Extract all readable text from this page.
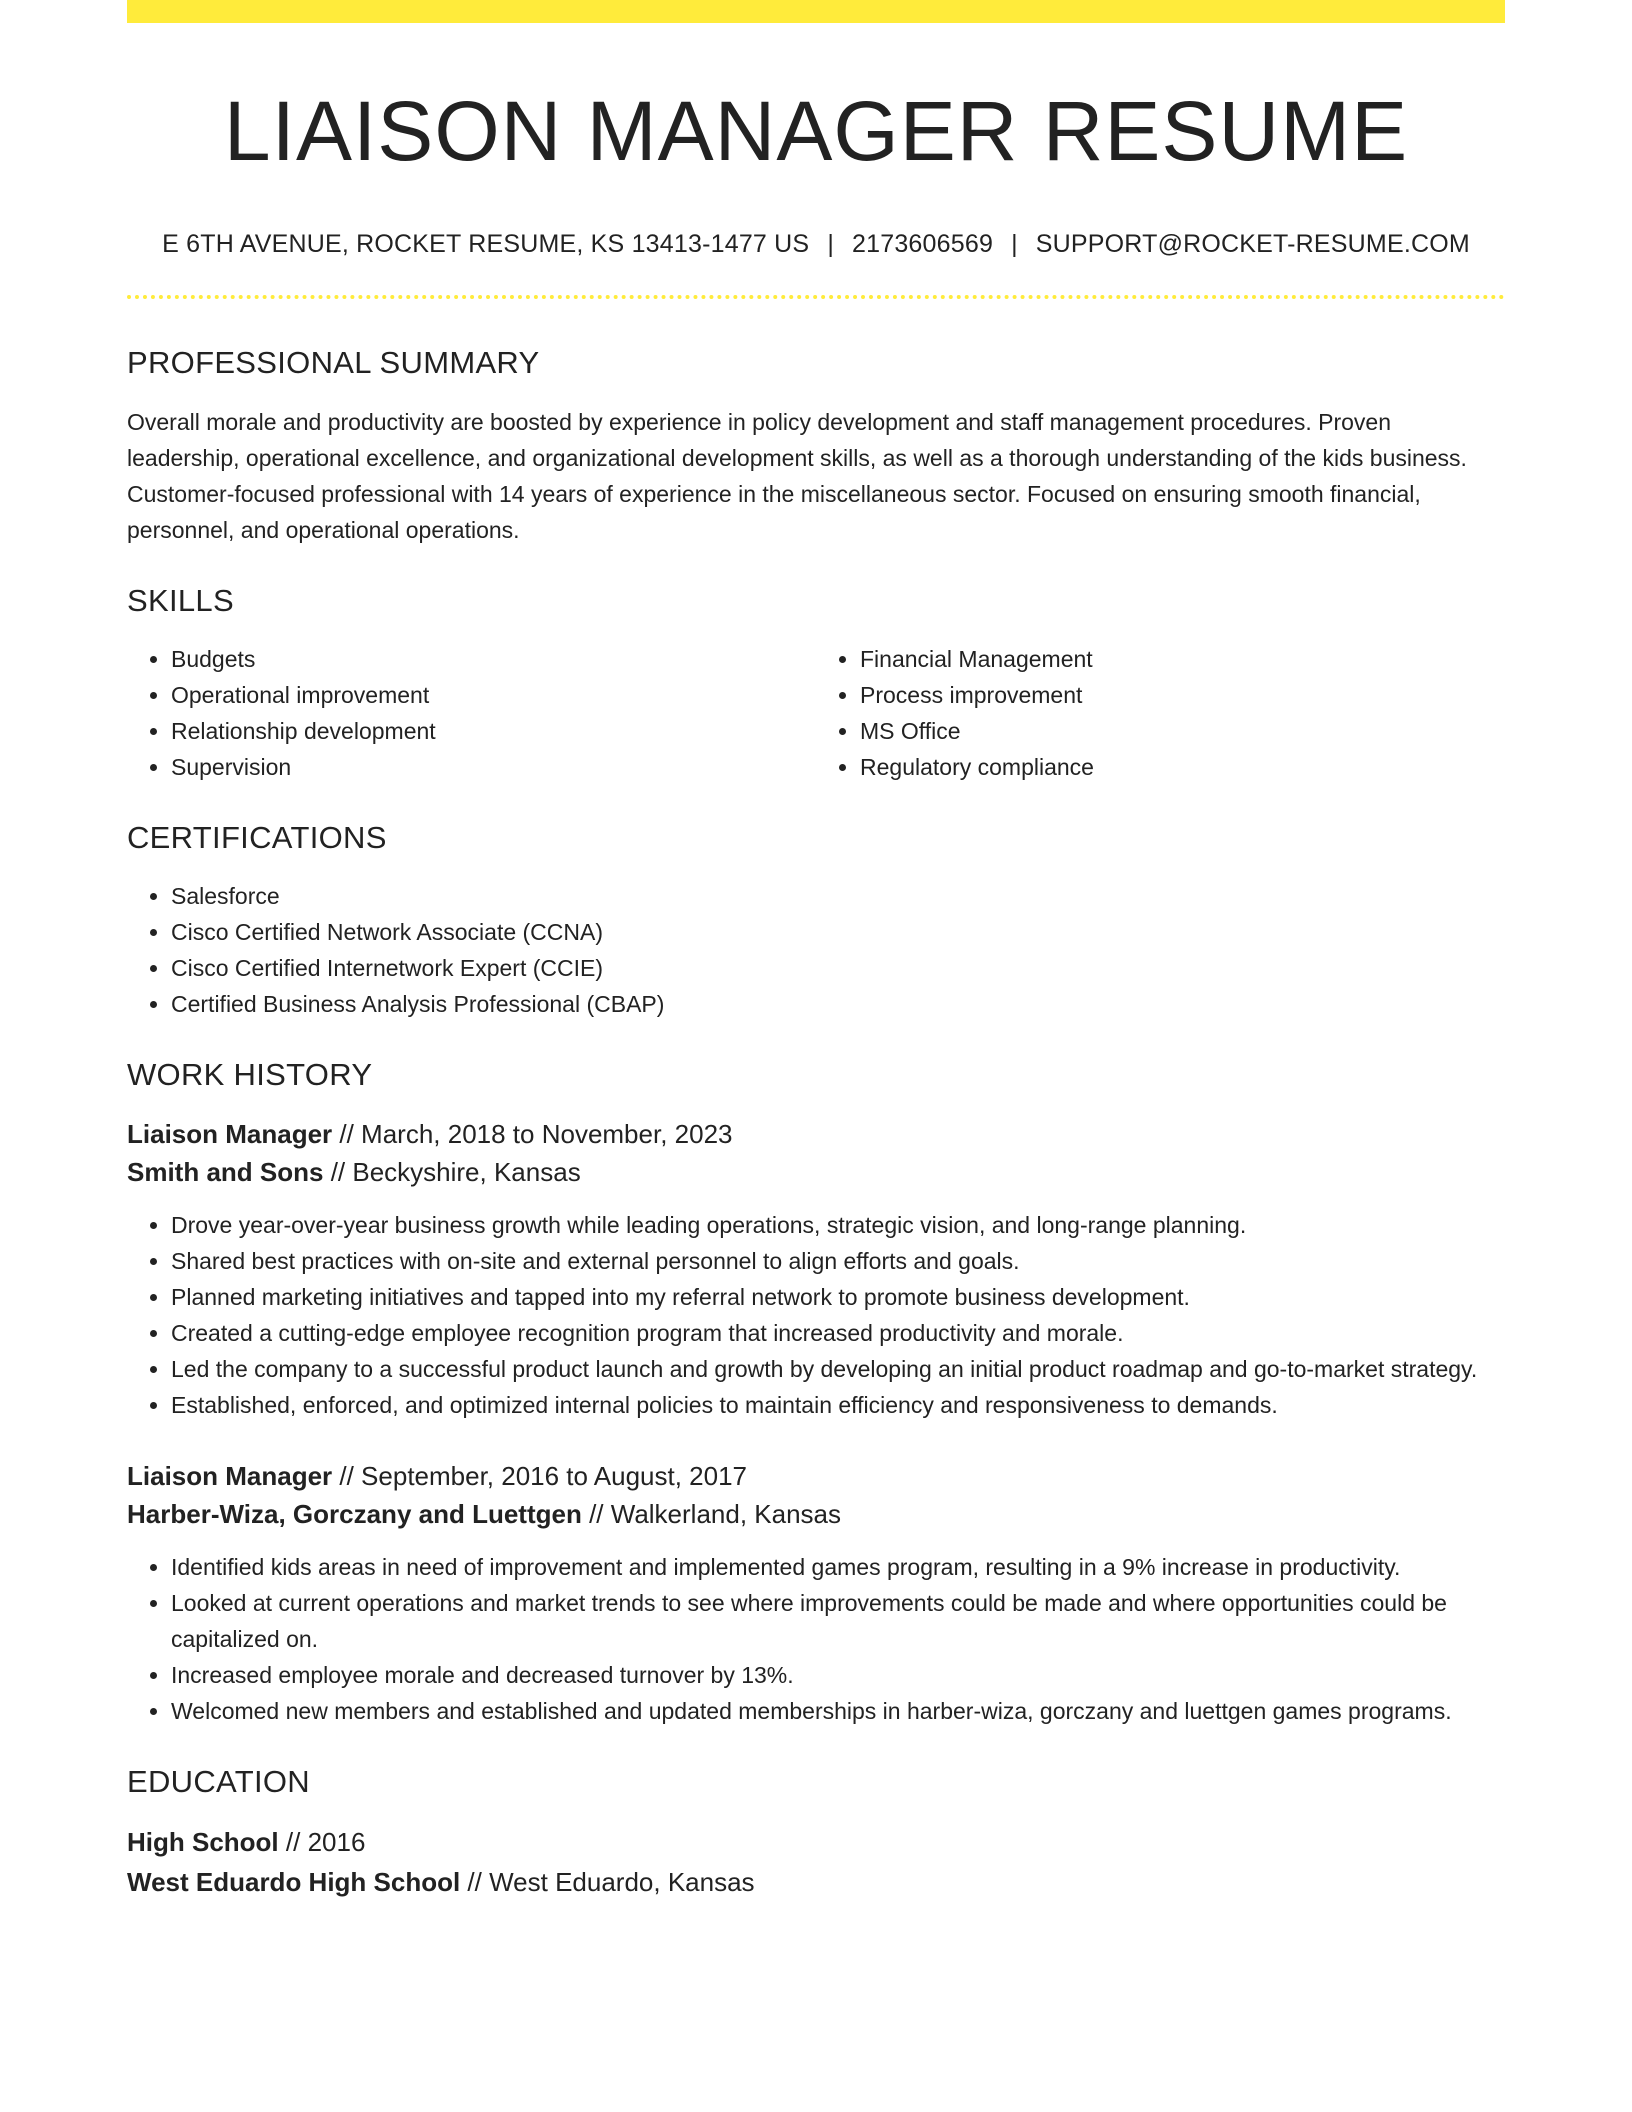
LIAISON MANAGER RESUME
E 6TH AVENUE, ROCKET RESUME, KS 13413-1477 US | 2173606569 | SUPPORT@ROCKET-RESUME.COM
PROFESSIONAL SUMMARY

Overall morale and productivity are boosted by experience in policy development and staff management procedures. Proven leadership, operational excellence, and organizational development skills, as well as a thorough understanding of the kids business. Customer-focused professional with 14 years of experience in the miscellaneous sector. Focused on ensuring smooth financial, personnel, and operational operations.

SKILLS
• Budgets
• Operational improvement
• Relationship development
• Supervision
• Financial Management
• Process improvement
• MS Office
• Regulatory compliance
CERTIFICATIONS
• Salesforce
• Cisco Certified Network Associate (CCNA)
• Cisco Certified Internetwork Expert (CCIE)
• Certified Business Analysis Professional (CBAP)
WORK HISTORY
Liaison Manager // March, 2018 to November, 2023
Smith and Sons // Beckyshire, Kansas
• Drove year-over-year business growth while leading operations, strategic vision, and long-range planning.
• Shared best practices with on-site and external personnel to align efforts and goals.
• Planned marketing initiatives and tapped into my referral network to promote business development.
• Created a cutting-edge employee recognition program that increased productivity and morale.
• Led the company to a successful product launch and growth by developing an initial product roadmap and go-to-market strategy.
• Established, enforced, and optimized internal policies to maintain efficiency and responsiveness to demands.
Liaison Manager // September, 2016 to August, 2017
Harber-Wiza, Gorczany and Luettgen // Walkerland, Kansas
• Identified kids areas in need of improvement and implemented games program, resulting in a 9% increase in productivity.
• Looked at current operations and market trends to see where improvements could be made and where opportunities could be capitalized on.
• Increased employee morale and decreased turnover by 13%.
• Welcomed new members and established and updated memberships in harber-wiza, gorczany and luettgen games programs.
EDUCATION
High School // 2016
West Eduardo High School // West Eduardo, Kansas
